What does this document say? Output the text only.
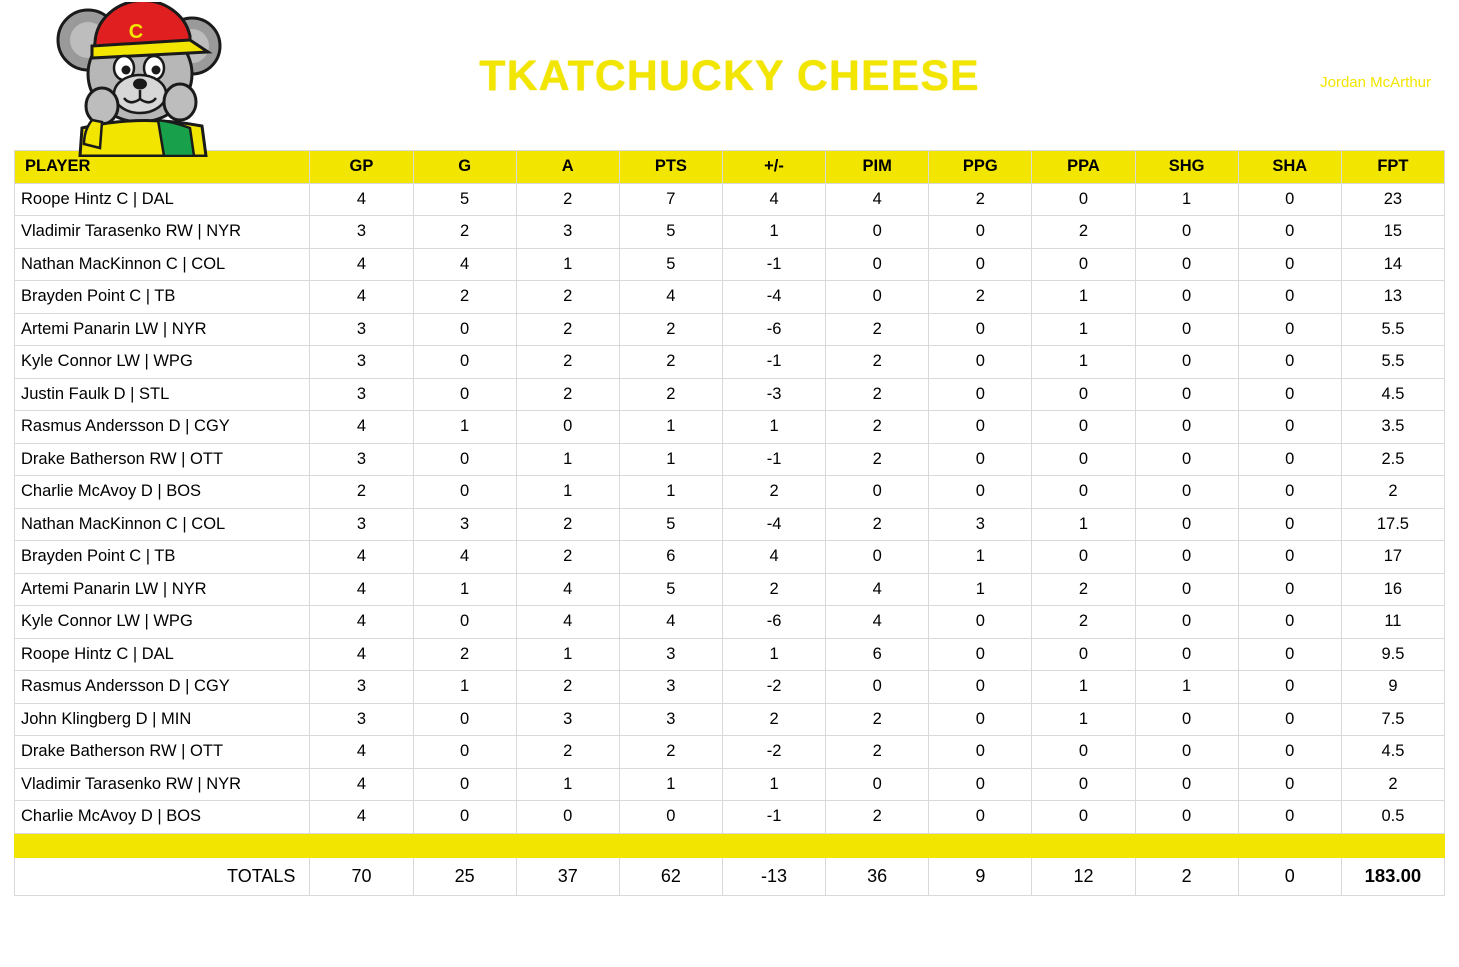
C
TKATCHUCKY CHEESE	Jordan McArthur
PLAYER	GP	G	A	PTS	+/-	PIM	PPG	PPA	SHG	SHA	FPT
Roope Hintz C | DAL	4	5	2	7	4	4	2	0	1	0	23
Vladimir Tarasenko RW | NYR	3	2	3	5	1	0	0	2	0	0	15
Nathan MacKinnon C | COL	4	4	1	5	-1	0	0	0	0	0	14
Brayden Point C | TB	4	2	2	4	-4	0	2	1	0	0	13
Artemi Panarin LW | NYR	3	0	2	2	-6	2	0	1	0	0	5.5
Kyle Connor LW | WPG	3	0	2	2	-1	2	0	1	0	0	5.5
Justin Faulk D | STL	3	0	2	2	-3	2	0	0	0	0	4.5
Rasmus Andersson D | CGY	4	1	0	1	1	2	0	0	0	0	3.5
Drake Batherson RW | OTT	3	0	1	1	-1	2	0	0	0	0	2.5
Charlie McAvoy D | BOS	2	0	1	1	2	0	0	0	0	0	2
Nathan MacKinnon C | COL	3	3	2	5	-4	2	3	1	0	0	17.5
Brayden Point C | TB	4	4	2	6	4	0	1	0	0	0	17
Artemi Panarin LW | NYR	4	1	4	5	2	4	1	2	0	0	16
Kyle Connor LW | WPG	4	0	4	4	-6	4	0	2	0	0	11
Roope Hintz C | DAL	4	2	1	3	1	6	0	0	0	0	9.5
Rasmus Andersson D | CGY	3	1	2	3	-2	0	0	1	1	0	9
John Klingberg D | MIN	3	0	3	3	2	2	0	1	0	0	7.5
Drake Batherson RW | OTT	4	0	2	2	-2	2	0	0	0	0	4.5
Vladimir Tarasenko RW | NYR	4	0	1	1	1	0	0	0	0	0	2
Charlie McAvoy D | BOS	4	0	0	0	-1	2	0	0	0	0	0.5

TOTALS	70	25	37	62	-13	36	9	12	2	0	183.00
